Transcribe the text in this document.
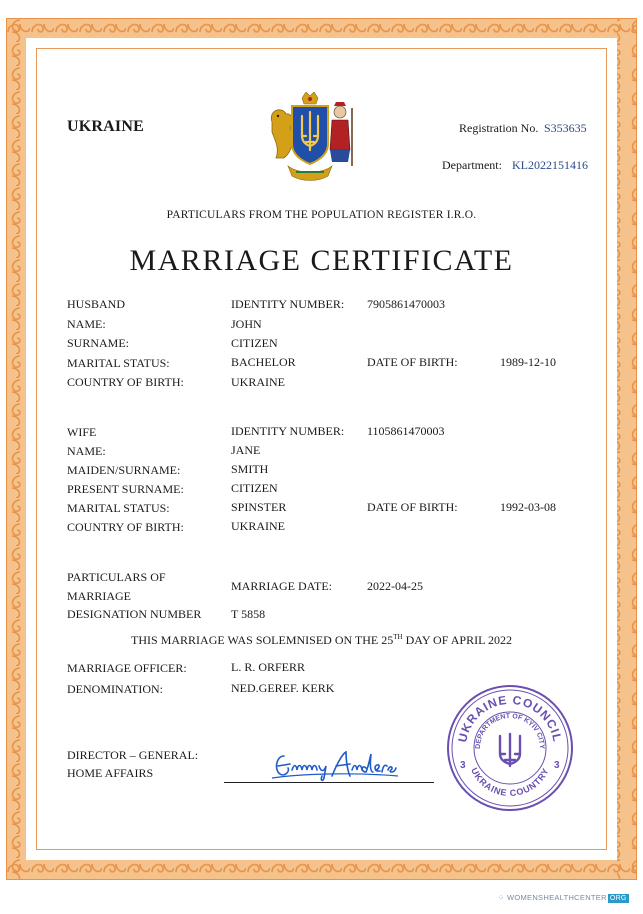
UKRAINE	Registration No. S353635
Department: KL2022151416
PARTICULARS FROM THE POPULATION REGISTER I.R.O.
MARRIAGE CERTIFICATE
HUSBAND	IDENTITY NUMBER: 7905861470003
NAME:	JOHN
SURNAME:	CITIZEN
MARITAL STATUS:	BACHELOR	DATE OF BIRTH:	1989-12-10
COUNTRY OF BIRTH:	UKRAINE
WIFE	IDENTITY NUMBER: 1105861470003
NAME:	JANE
MAIDEN/SURNAME:	SMITH
PRESENT SURNAME:	CITIZEN
MARITAL STATUS:	SPINSTER	DATE OF BIRTH:	1992-03-08
COUNTRY OF BIRTH:	UKRAINE
PARTICULARS OF
MARRIAGE
MARRIAGE DATE:	2022-04-25
DESIGNATION NUMBER T 5858
THIS MARRIAGE WAS SOLEMNISED ON THE 25TH DAY OF APRIL 2022
MARRIAGE OFFICER:	L. R. ORFERR
DENOMINATION:	NED.GEREF. KERK
DIRECTOR – GENERAL:
HOME AFFAIRS
UKRAINE COUNCIL
DEPARTMENT OF KYIV CITY
UKRAINE COUNTRY
3	3
⁘ WOMENSHEALTHCENTER ORG
